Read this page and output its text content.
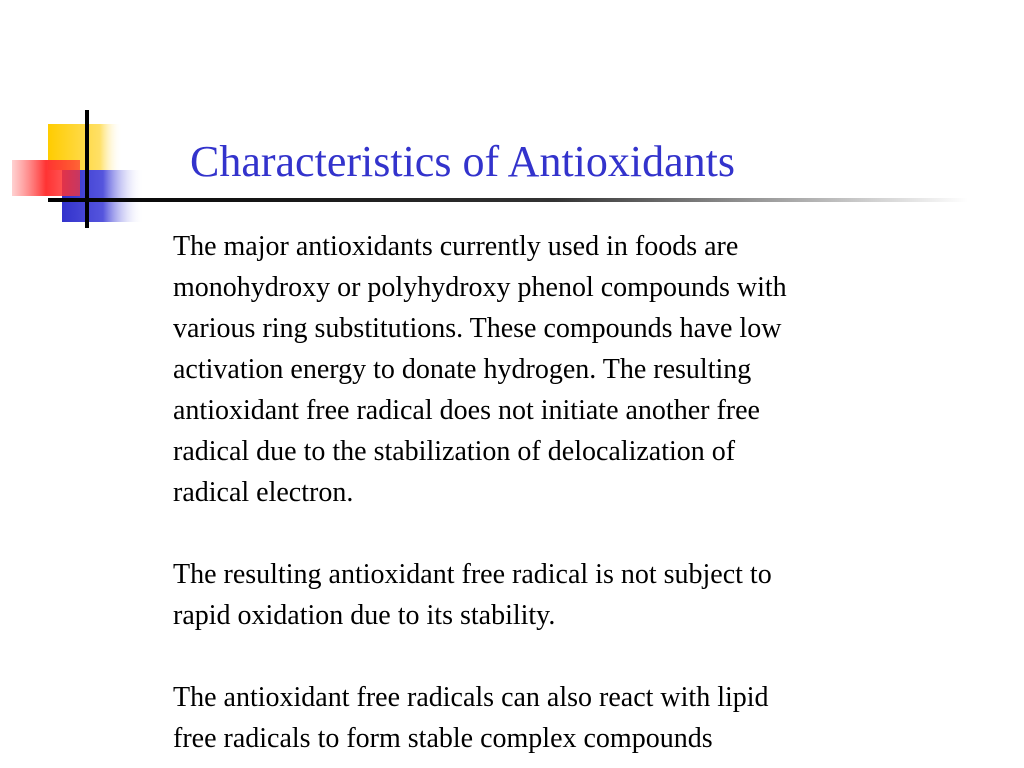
Characteristics of Antioxidants

The major antioxidants currently used in foods are
monohydroxy or polyhydroxy phenol compounds with
various ring substitutions. These compounds have low
activation energy to donate hydrogen. The resulting
antioxidant free radical does not initiate another free
radical due to the stabilization of delocalization of
radical electron.

The resulting antioxidant free radical is not subject to
rapid oxidation due to its stability.

The antioxidant free radicals can also react with lipid
free radicals to form stable complex compounds
